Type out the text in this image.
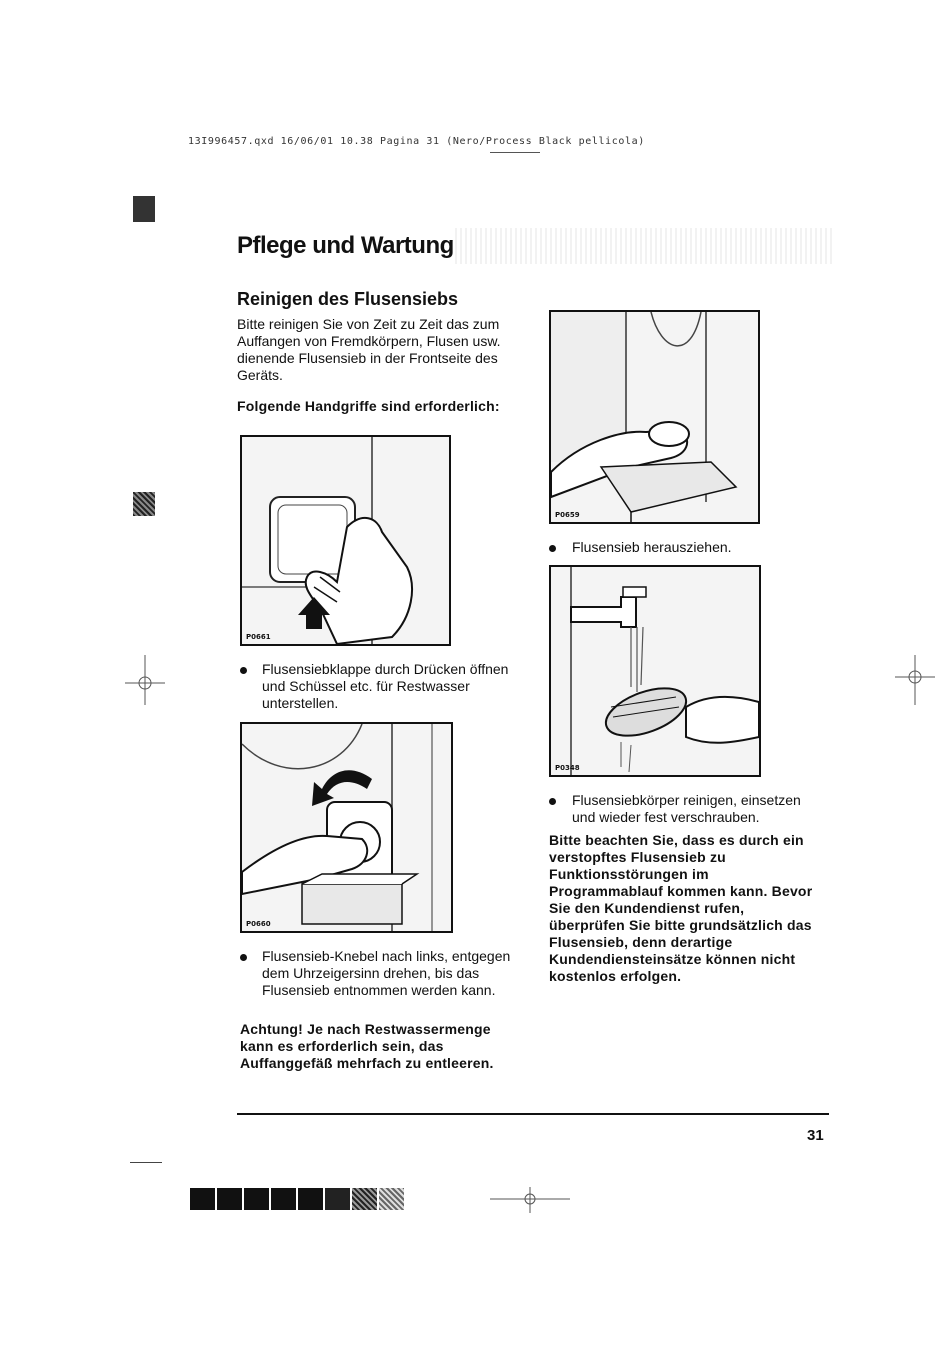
13I996457.qxd 16/06/01 10.38 Pagina 31 (Nero/Process Black pellicola)
Pflege und Wartung
Reinigen des Flusensiebs
Bitte reinigen Sie von Zeit zu Zeit das zum Auffangen von Fremdkörpern, Flusen usw. dienende Flusensieb in der Frontseite des Geräts.
Folgende Handgriffe sind erforderlich:
P0661
Flusensiebklappe durch Drücken öffnen und Schüssel etc. für Restwasser unterstellen.
P0660
Flusensieb-Knebel nach links, entgegen dem Uhrzeigersinn drehen, bis das Flusensieb entnommen werden kann.
Achtung! Je nach Restwassermenge kann es erforderlich sein, das Auffanggefäß mehrfach zu entleeren.
P0659
Flusensieb herausziehen.
P0348
Flusensiebkörper reinigen, einsetzen und wieder fest verschrauben.
Bitte beachten Sie, dass es durch ein verstopftes Flusensieb zu Funktionsstörungen im Programmablauf kommen kann. Bevor Sie den Kundendienst rufen, überprüfen Sie bitte grundsätzlich das Flusensieb, denn derartige Kundendiensteinsätze können nicht kostenlos erfolgen.
31
